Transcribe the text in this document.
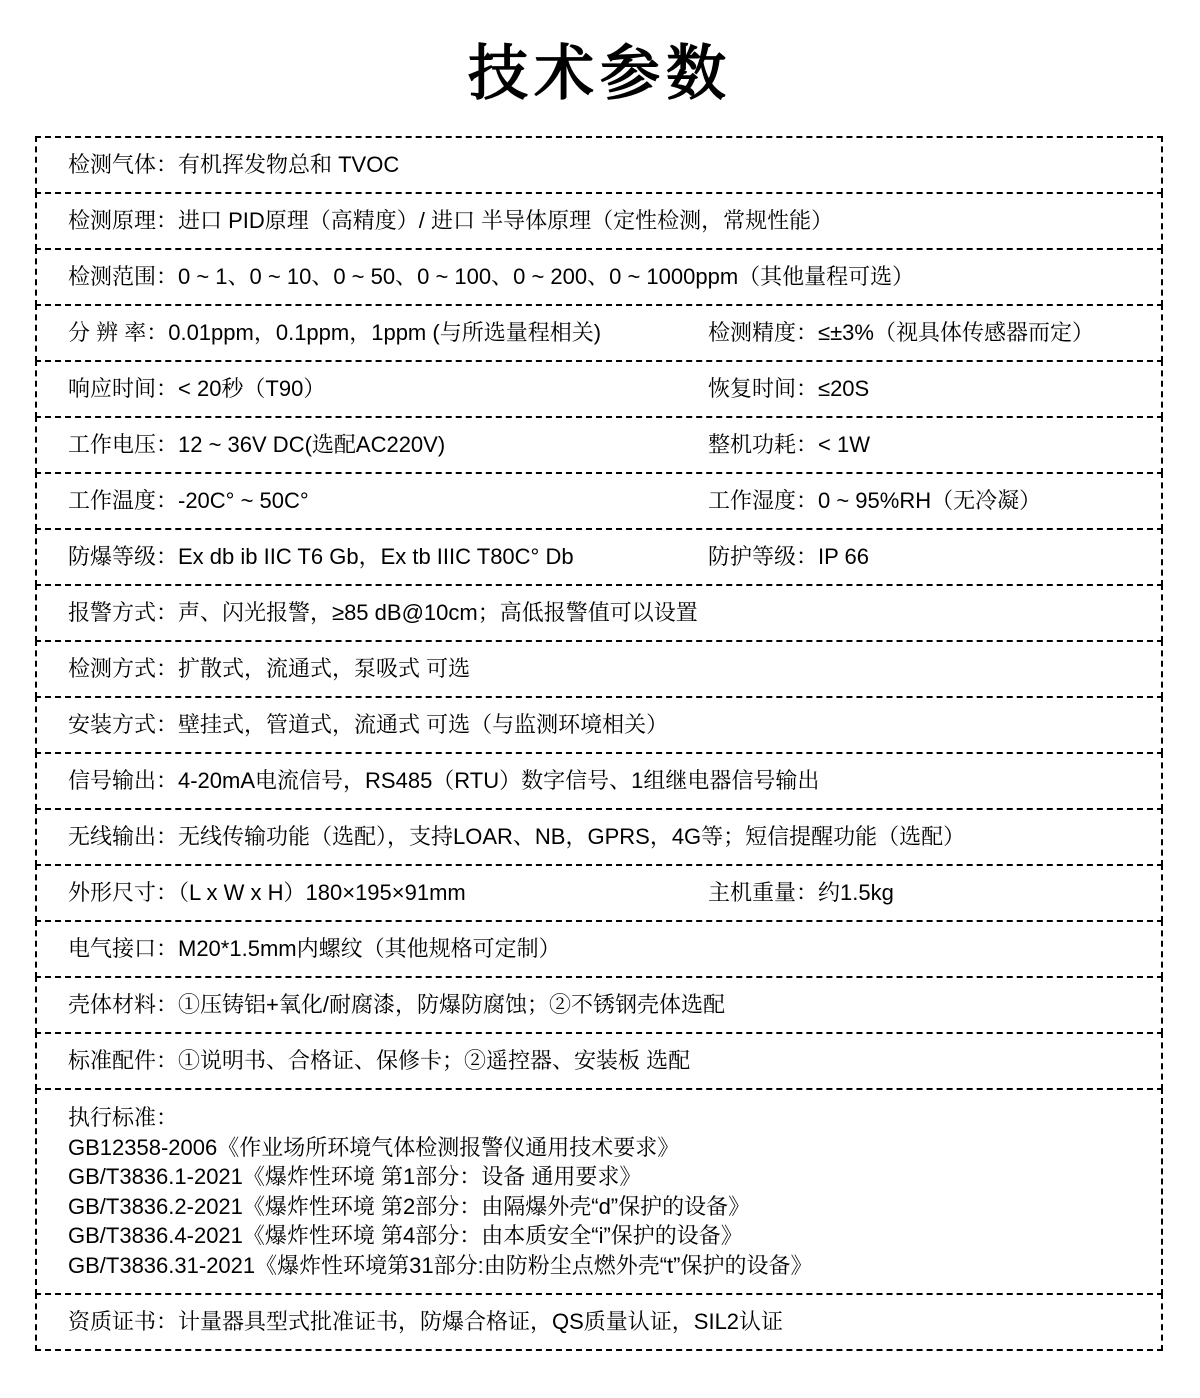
技术参数
检测气体：有机挥发物总和 TVOC
检测原理：进口 PID原理（高精度）/ 进口 半导体原理（定性检测，常规性能）
检测范围：0 ~ 1、0 ~ 10、0 ~ 50、0 ~ 100、0 ~ 200、0 ~ 1000ppm（其他量程可选）
分 辨 率：0.01ppm，0.1ppm，1ppm (与所选量程相关)	检测精度：≤±3%（视具体传感器而定）
响应时间：< 20秒（T90）	恢复时间：≤20S
工作电压：12 ~ 36V DC(选配AC220V)	整机功耗：< 1W
工作温度：-20C° ~ 50C°	工作湿度：0 ~ 95%RH（无冷凝）
防爆等级：Ex db ib IIC T6 Gb，Ex tb IIIC T80C° Db	防护等级：IP 66
报警方式：声、闪光报警，≥85 dB@10cm；高低报警值可以设置
检测方式：扩散式，流通式，泵吸式 可选
安装方式：壁挂式，管道式，流通式 可选（与监测环境相关）
信号输出：4-20mA电流信号，RS485（RTU）数字信号、1组继电器信号输出
无线输出：无线传输功能（选配），支持LOAR、NB，GPRS，4G等；短信提醒功能（选配）
外形尺寸：（L x W x H）180×195×91mm	主机重量：约1.5kg
电气接口：M20*1.5mm内螺纹（其他规格可定制）
壳体材料：①压铸铝+氧化/耐腐漆，防爆防腐蚀；②不锈钢壳体选配
标准配件：①说明书、合格证、保修卡；②遥控器、安装板 选配
执行标准：
GB12358-2006《作业场所环境气体检测报警仪通用技术要求》
GB/T3836.1-2021《爆炸性环境 第1部分：设备 通用要求》
GB/T3836.2-2021《爆炸性环境 第2部分：由隔爆外壳“d”保护的设备》
GB/T3836.4-2021《爆炸性环境 第4部分：由本质安全“i”保护的设备》
GB/T3836.31-2021《爆炸性环境第31部分:由防粉尘点燃外壳“t”保护的设备》
资质证书：计量器具型式批准证书，防爆合格证，QS质量认证，SIL2认证
